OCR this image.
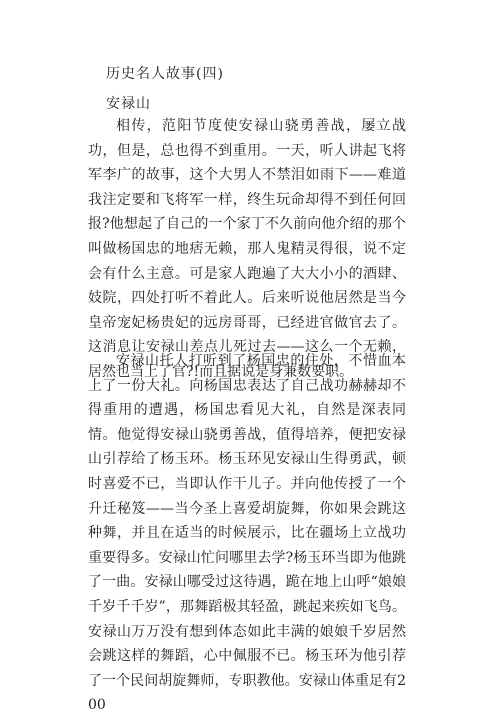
历史名人故事(四)
安禄山

相传，范阳节度使安禄山骁勇善战，屡立战功，但是，总也得不到重用。一天，听人讲起飞将军李广的故事，这个大男人不禁泪如雨下——难道我注定要和飞将军一样，终生玩命却得不到任何回报?他想起了自己的一个家丁不久前向他介绍的那个叫做杨国忠的地痞无赖，那人鬼精灵得很，说不定会有什么主意。可是家人跑遍了大大小小的酒肆、妓院，四处打听不着此人。后来听说他居然是当今皇帝宠妃杨贵妃的远房哥哥，已经进官做官去了。这消息让安禄山差点儿死过去——这么一个无赖，居然也当上了官?!而且据说是身兼数要职。

安禄山托人打听到了杨国忠的住处，不惜血本上了一份大礼。向杨国忠表达了自己战功赫赫却不得重用的遭遇，杨国忠看见大礼，自然是深表同情。他觉得安禄山骁勇善战，值得培养，便把安禄山引荐给了杨玉环。杨玉环见安禄山生得勇武，顿时喜爱不已，当即认作干儿子。并向他传授了一个升迁秘笈——当今圣上喜爱胡旋舞，你如果会跳这种舞，并且在适当的时候展示，比在疆场上立战功重要得多。安禄山忙问哪里去学?杨玉环当即为他跳了一曲。安禄山哪受过这待遇，跪在地上山呼“娘娘千岁千千岁”，那舞蹈极其轻盈，跳起来疾如飞鸟。安禄山万万没有想到体态如此丰满的娘娘千岁居然会跳这样的舞蹈，心中佩服不已。杨玉环为他引荐了一个民间胡旋舞师，专职教他。安禄山体重足有200
